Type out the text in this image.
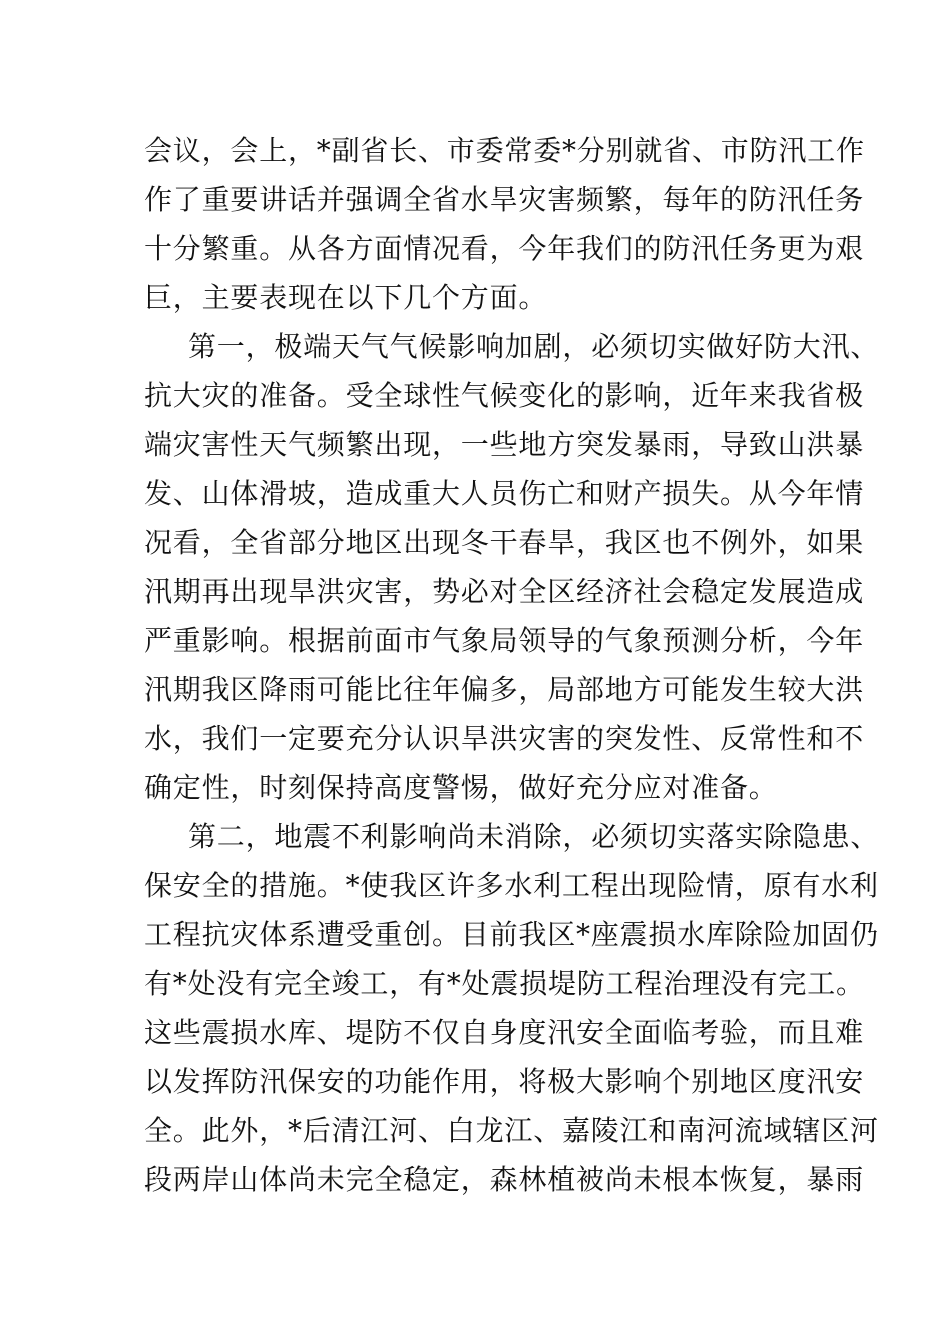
会议，会上，*副省长、市委常委*分别就省、市防汛工作
作了重要讲话并强调全省水旱灾害频繁，每年的防汛任务
十分繁重。从各方面情况看，今年我们的防汛任务更为艰
巨，主要表现在以下几个方面。
第一，极端天气气候影响加剧，必须切实做好防大汛、
抗大灾的准备。受全球性气候变化的影响，近年来我省极
端灾害性天气频繁出现，一些地方突发暴雨，导致山洪暴
发、山体滑坡，造成重大人员伤亡和财产损失。从今年情
况看，全省部分地区出现冬干春旱，我区也不例外，如果
汛期再出现旱洪灾害，势必对全区经济社会稳定发展造成
严重影响。根据前面市气象局领导的气象预测分析，今年
汛期我区降雨可能比往年偏多，局部地方可能发生较大洪
水，我们一定要充分认识旱洪灾害的突发性、反常性和不
确定性，时刻保持高度警惕，做好充分应对准备。
第二，地震不利影响尚未消除，必须切实落实除隐患、
保安全的措施。*使我区许多水利工程出现险情，原有水利
工程抗灾体系遭受重创。目前我区*座震损水库除险加固仍
有*处没有完全竣工，有*处震损堤防工程治理没有完工。
这些震损水库、堤防不仅自身度汛安全面临考验，而且难
以发挥防汛保安的功能作用，将极大影响个别地区度汛安
全。此外，*后清江河、白龙江、嘉陵江和南河流域辖区河
段两岸山体尚未完全稳定，森林植被尚未根本恢复，暴雨
